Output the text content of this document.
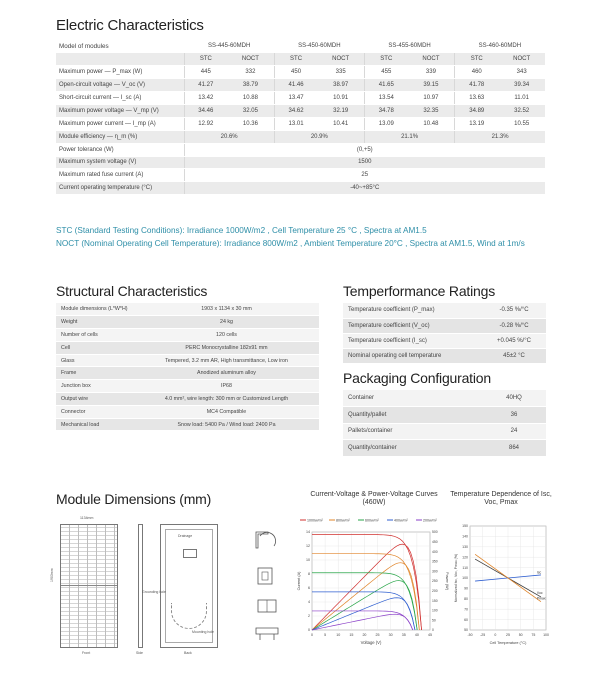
Electric Characteristics
Model of modules	SS-445-60MDH		SS-450-60MDH		SS-455-60MDH		SS-460-60MDH	
	STC	NOCT	STC	NOCT	STC	NOCT	STC	NOCT
Maximum power — P_max (W)	445	332	450	335	455	339	460	343
Open-circuit voltage — V_oc (V)	41.27	38.79	41.46	38.97	41.65	39.15	41.78	39.34
Short-circuit current — I_sc (A)	13.42	10.88	13.47	10.91	13.54	10.97	13.63	11.01
Maximum power voltage — V_mp (V)	34.46	32.05	34.62	32.19	34.78	32.35	34.89	32.52
Maximum power current — I_mp (A)	12.92	10.36	13.01	10.41	13.09	10.48	13.19	10.55
Module efficiency — η_m (%)	20.6%		20.9%		21.1%		21.3%	
Power tolerance (W)	(0,+5)							
Maximum system voltage (V)	1500							
Maximum rated fuse current (A)	25							
Current operating temperature (°C)	-40~+85°C							
STC (Standard Testing Conditions): Irradiance 1000W/m2 , Cell Temperature 25 °C , Spectra at AM1.5
NOCT (Nominal Operating Cell Temperature): Irradiance 800W/m2 , Ambient Temperature 20°C , Spectra at AM1.5, Wind at 1m/s
Structural Characteristics
Module dimensions (L*W*H)	1903 x 1134 x 30 mm
Weight	24 kg
Number of cells	120 cells
Cell	PERC Monocrystalline 182x91 mm
Glass	Tempered, 3.2 mm AR, High transmittance, Low iron
Frame	Anodized aluminum alloy
Junction box	IP68
Output wire	4.0 mm², wire length: 300 mm or Customized Length
Connector	MC4 Compatible
Mechanical load	Snow load: 5400 Pa / Wind load: 2400 Pa
Temperformance Ratings
Temperature coefficient (P_max)	-0.35 %/°C
Temperature coefficient (V_oc)	-0.28 %/°C
Temperature coefficient (I_sc)	+0.045 %/°C
Nominal operating cell temperature	45±2 °C
Packaging Configuration
Container	40HQ
Quantity/pallet	36
Pallets/container	24
Quantity/container	864
Module Dimensions (mm)
1134mm
1903mm
Front	Side
Drainage
Grounding hole
Mounting hole
Back
Current-Voltage & Power-Voltage Curves (460W)
1000w/m²	800w/m²	600w/m²	400w/m²	200w/m²
0	5	10	15	20	25	30	35	40	45
0
2
4
6
8
10
12
14
0
50
100
150
200
250
300
350
400
450
500
Current (A)	Power (W)
Voltage (V)
Temperature Dependence of Isc, Voc, Pmax
-50 -25	0	25	50	75 100
50
60
70
80
90
100
110
120
130
140
150
Isc
Voc
Pmax
Normalized Isc, Voc, Pmax (%)
Cell Temperature (°C)
